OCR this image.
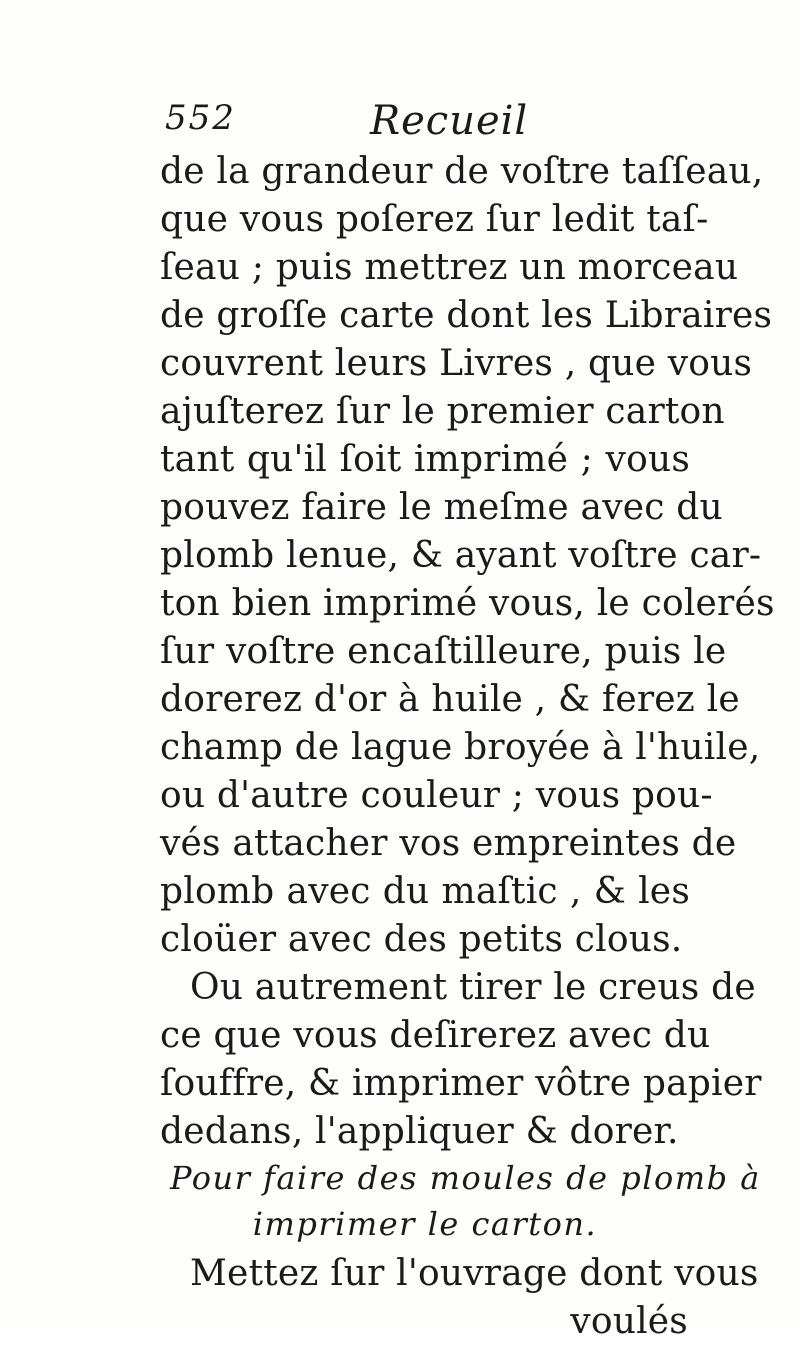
552	Recueil
de la grandeur de voſtre taſſeau,
que vous poſerez ſur ledit taſ-
ſeau ; puis mettrez un morceau
de groſſe carte dont les Libraires
couvrent leurs Livres , que vous
ajuſterez ſur le premier carton
tant qu'il ſoit imprimé ; vous
pouvez faire le meſme avec du
plomb lenue, & ayant voſtre car-
ton bien imprimé vous, le colerés
ſur voſtre encaſtilleure, puis le
dorerez d'or à huile , & ferez le
champ de lague broyée à l'huile,
ou d'autre couleur ; vous pou-
vés attacher vos empreintes de
plomb avec du maſtic , & les
cloüer avec des petits clous.
Ou autrement tirer le creus de
ce que vous deſirerez avec du
ſouffre, & imprimer vôtre papier
dedans, l'appliquer & dorer.
Pour faire des moules de plomb à
imprimer le carton.
Mettez ſur l'ouvrage dont vous
voulés
